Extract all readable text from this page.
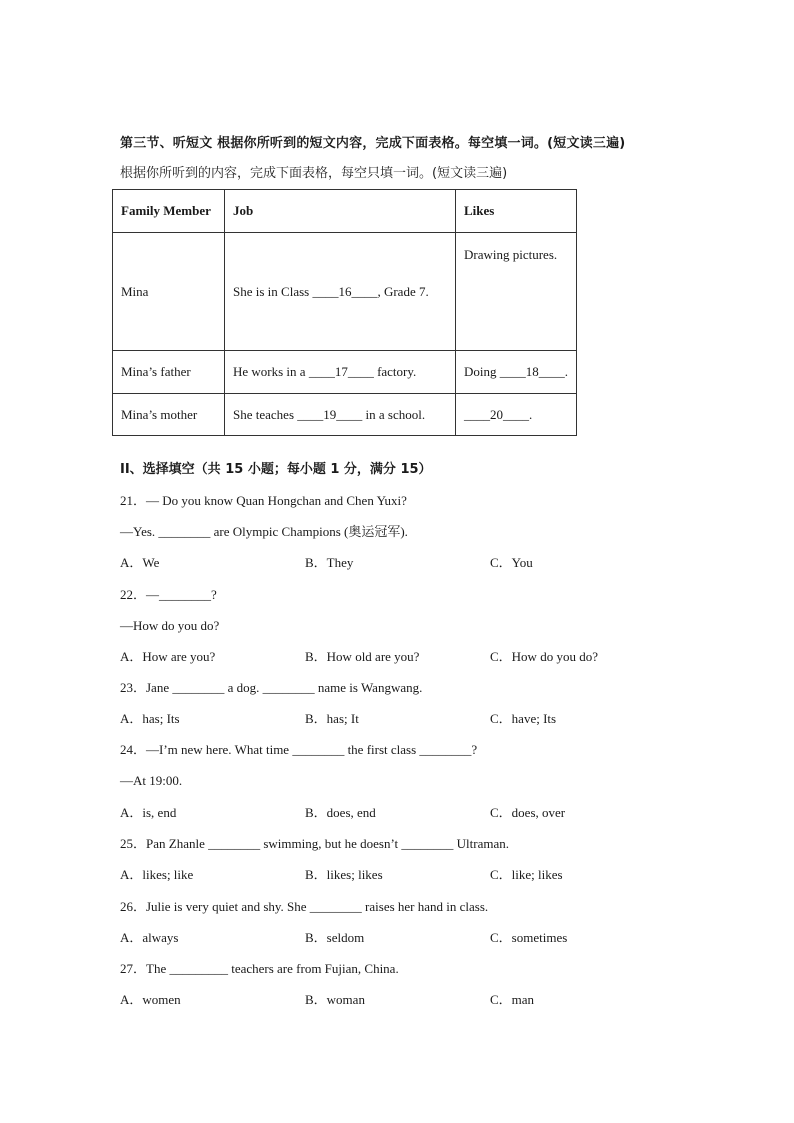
第三节、听短文 根据你所听到的短文内容，完成下面表格。每空填一词。(短文读三遍)
根据你所听到的内容，完成下面表格，每空只填一词。(短文读三遍)
Family Member	Job	Likes
Mina	She is in Class ____16____, Grade 7.	Drawing pictures.
Mina’s father	He works in a ____17____ factory.	Doing ____18____.
Mina’s mother	She teaches ____19____ in a school.	____20____.
II、选择填空（共 15 小题；每小题 1 分，满分 15）
21．— Do you know Quan Hongchan and Chen Yuxi?
—Yes. ________ are Olympic Champions (奥运冠军).
A．We	B．They	C．You
22．—________?
—How do you do?
A．How are you?	B．How old are you?	C．How do you do?
23．Jane ________ a dog. ________ name is Wangwang.
A．has; Its	B．has; It	C．have; Its
24．—I’m new here. What time ________ the first class ________?
—At 19:00.
A．is, end	B．does, end	C．does, over
25．Pan Zhanle ________ swimming, but he doesn’t ________ Ultraman.
A．likes; like	B．likes; likes	C．like; likes
26．Julie is very quiet and shy. She ________ raises her hand in class.
A．always	B．seldom	C．sometimes
27．The _________ teachers are from Fujian, China.
A．women	B．woman	C．man
